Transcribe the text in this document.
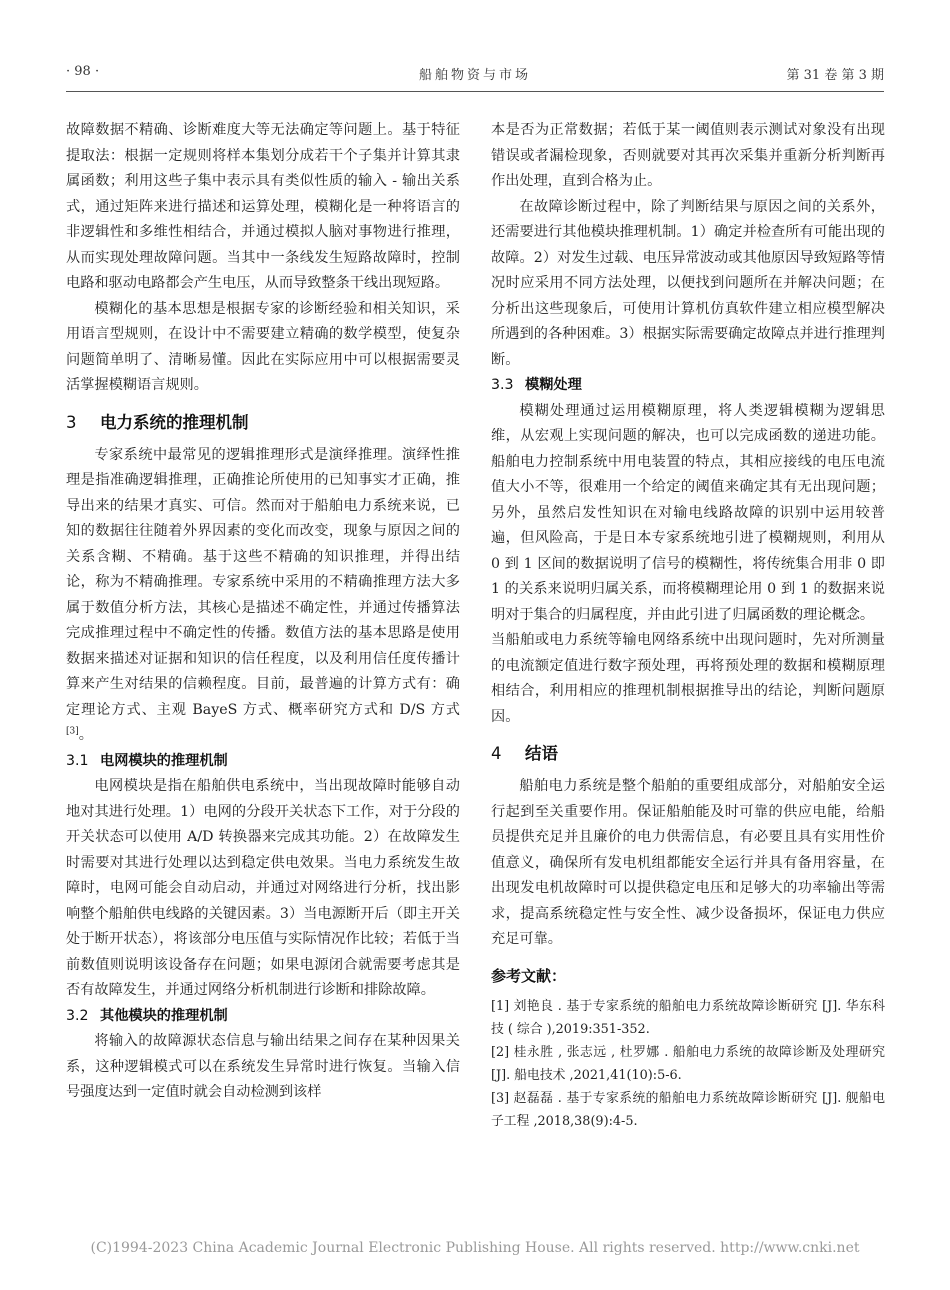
· 98 ·	船舶物资与市场	第 31 卷 第 3 期

故障数据不精确、诊断难度大等无法确定等问题上。基于特征提取法：根据一定规则将样本集划分成若干个子集并计算其隶属函数；利用这些子集中表示具有类似性质的输入 - 输出关系式，通过矩阵来进行描述和运算处理，模糊化是一种将语言的非逻辑性和多维性相结合，并通过模拟人脑对事物进行推理，从而实现处理故障问题。当其中一条线发生短路故障时，控制电路和驱动电路都会产生电压，从而导致整条干线出现短路。

模糊化的基本思想是根据专家的诊断经验和相关知识，采用语言型规则，在设计中不需要建立精确的数学模型，使复杂问题简单明了、清晰易懂。因此在实际应用中可以根据需要灵活掌握模糊语言规则。

3 电力系统的推理机制

专家系统中最常见的逻辑推理形式是演绎推理。演绎性推理是指准确逻辑推理，正确推论所使用的已知事实才正确，推导出来的结果才真实、可信。然而对于船舶电力系统来说，已知的数据往往随着外界因素的变化而改变，现象与原因之间的关系含糊、不精确。基于这些不精确的知识推理，并得出结论，称为不精确推理。专家系统中采用的不精确推理方法大多属于数值分析方法，其核心是描述不确定性，并通过传播算法完成推理过程中不确定性的传播。数值方法的基本思路是使用数据来描述对证据和知识的信任程度，以及利用信任度传播计算来产生对结果的信赖程度。目前，最普遍的计算方式有：确定理论方式、主观 BayeS 方式、概率研究方式和 D/S 方式[3]。

3.1 电网模块的推理机制

电网模块是指在船舶供电系统中，当出现故障时能够自动地对其进行处理。1）电网的分段开关状态下工作，对于分段的开关状态可以使用 A/D 转换器来完成其功能。2）在故障发生时需要对其进行处理以达到稳定供电效果。当电力系统发生故障时，电网可能会自动启动，并通过对网络进行分析，找出影响整个船舶供电线路的关键因素。3）当电源断开后（即主开关处于断开状态），将该部分电压值与实际情况作比较；若低于当前数值则说明该设备存在问题；如果电源闭合就需要考虑其是否有故障发生，并通过网络分析机制进行诊断和排除故障。

3.2 其他模块的推理机制

将输入的故障源状态信息与输出结果之间存在某种因果关系，这种逻辑模式可以在系统发生异常时进行恢复。当输入信号强度达到一定值时就会自动检测到该样

本是否为正常数据；若低于某一阈值则表示测试对象没有出现错误或者漏检现象，否则就要对其再次采集并重新分析判断再作出处理，直到合格为止。

在故障诊断过程中，除了判断结果与原因之间的关系外，还需要进行其他模块推理机制。1）确定并检查所有可能出现的故障。2）对发生过载、电压异常波动或其他原因导致短路等情况时应采用不同方法处理，以便找到问题所在并解决问题；在分析出这些现象后，可使用计算机仿真软件建立相应模型解决所遇到的各种困难。3）根据实际需要确定故障点并进行推理判断。

3.3 模糊处理

模糊处理通过运用模糊原理，将人类逻辑模糊为逻辑思维，从宏观上实现问题的解决，也可以完成函数的递进功能。船舶电力控制系统中用电装置的特点，其相应接线的电压电流值大小不等，很难用一个给定的阈值来确定其有无出现问题；另外，虽然启发性知识在对输电线路故障的识别中运用较普遍，但风险高，于是日本专家系统地引进了模糊规则，利用从 0 到 1 区间的数据说明了信号的模糊性，将传统集合用非 0 即 1 的关系来说明归属关系，而将模糊理论用 0 到 1 的数据来说明对于集合的归属程度，并由此引进了归属函数的理论概念。

当船舶或电力系统等输电网络系统中出现问题时，先对所测量的电流额定值进行数字预处理，再将预处理的数据和模糊原理相结合，利用相应的推理机制根据推导出的结论，判断问题原因。

4 结语

船舶电力系统是整个船舶的重要组成部分，对船舶安全运行起到至关重要作用。保证船舶能及时可靠的供应电能，给船员提供充足并且廉价的电力供需信息，有必要且具有实用性价值意义，确保所有发电机组都能安全运行并具有备用容量，在出现发电机故障时可以提供稳定电压和足够大的功率输出等需求，提高系统稳定性与安全性、减少设备损坏，保证电力供应充足可靠。

参考文献：

[1] 刘艳良 . 基于专家系统的船舶电力系统故障诊断研究 [J]. 华东科技 ( 综合 ),2019:351-352.

[2] 桂永胜 , 张志远 , 杜罗娜 . 船舶电力系统的故障诊断及处理研究 [J]. 船电技术 ,2021,41(10):5-6.

[3] 赵磊磊 . 基于专家系统的船舶电力系统故障诊断研究 [J]. 舰船电子工程 ,2018,38(9):4-5.

(C)1994-2023 China Academic Journal Electronic Publishing House. All rights reserved. http://www.cnki.net
